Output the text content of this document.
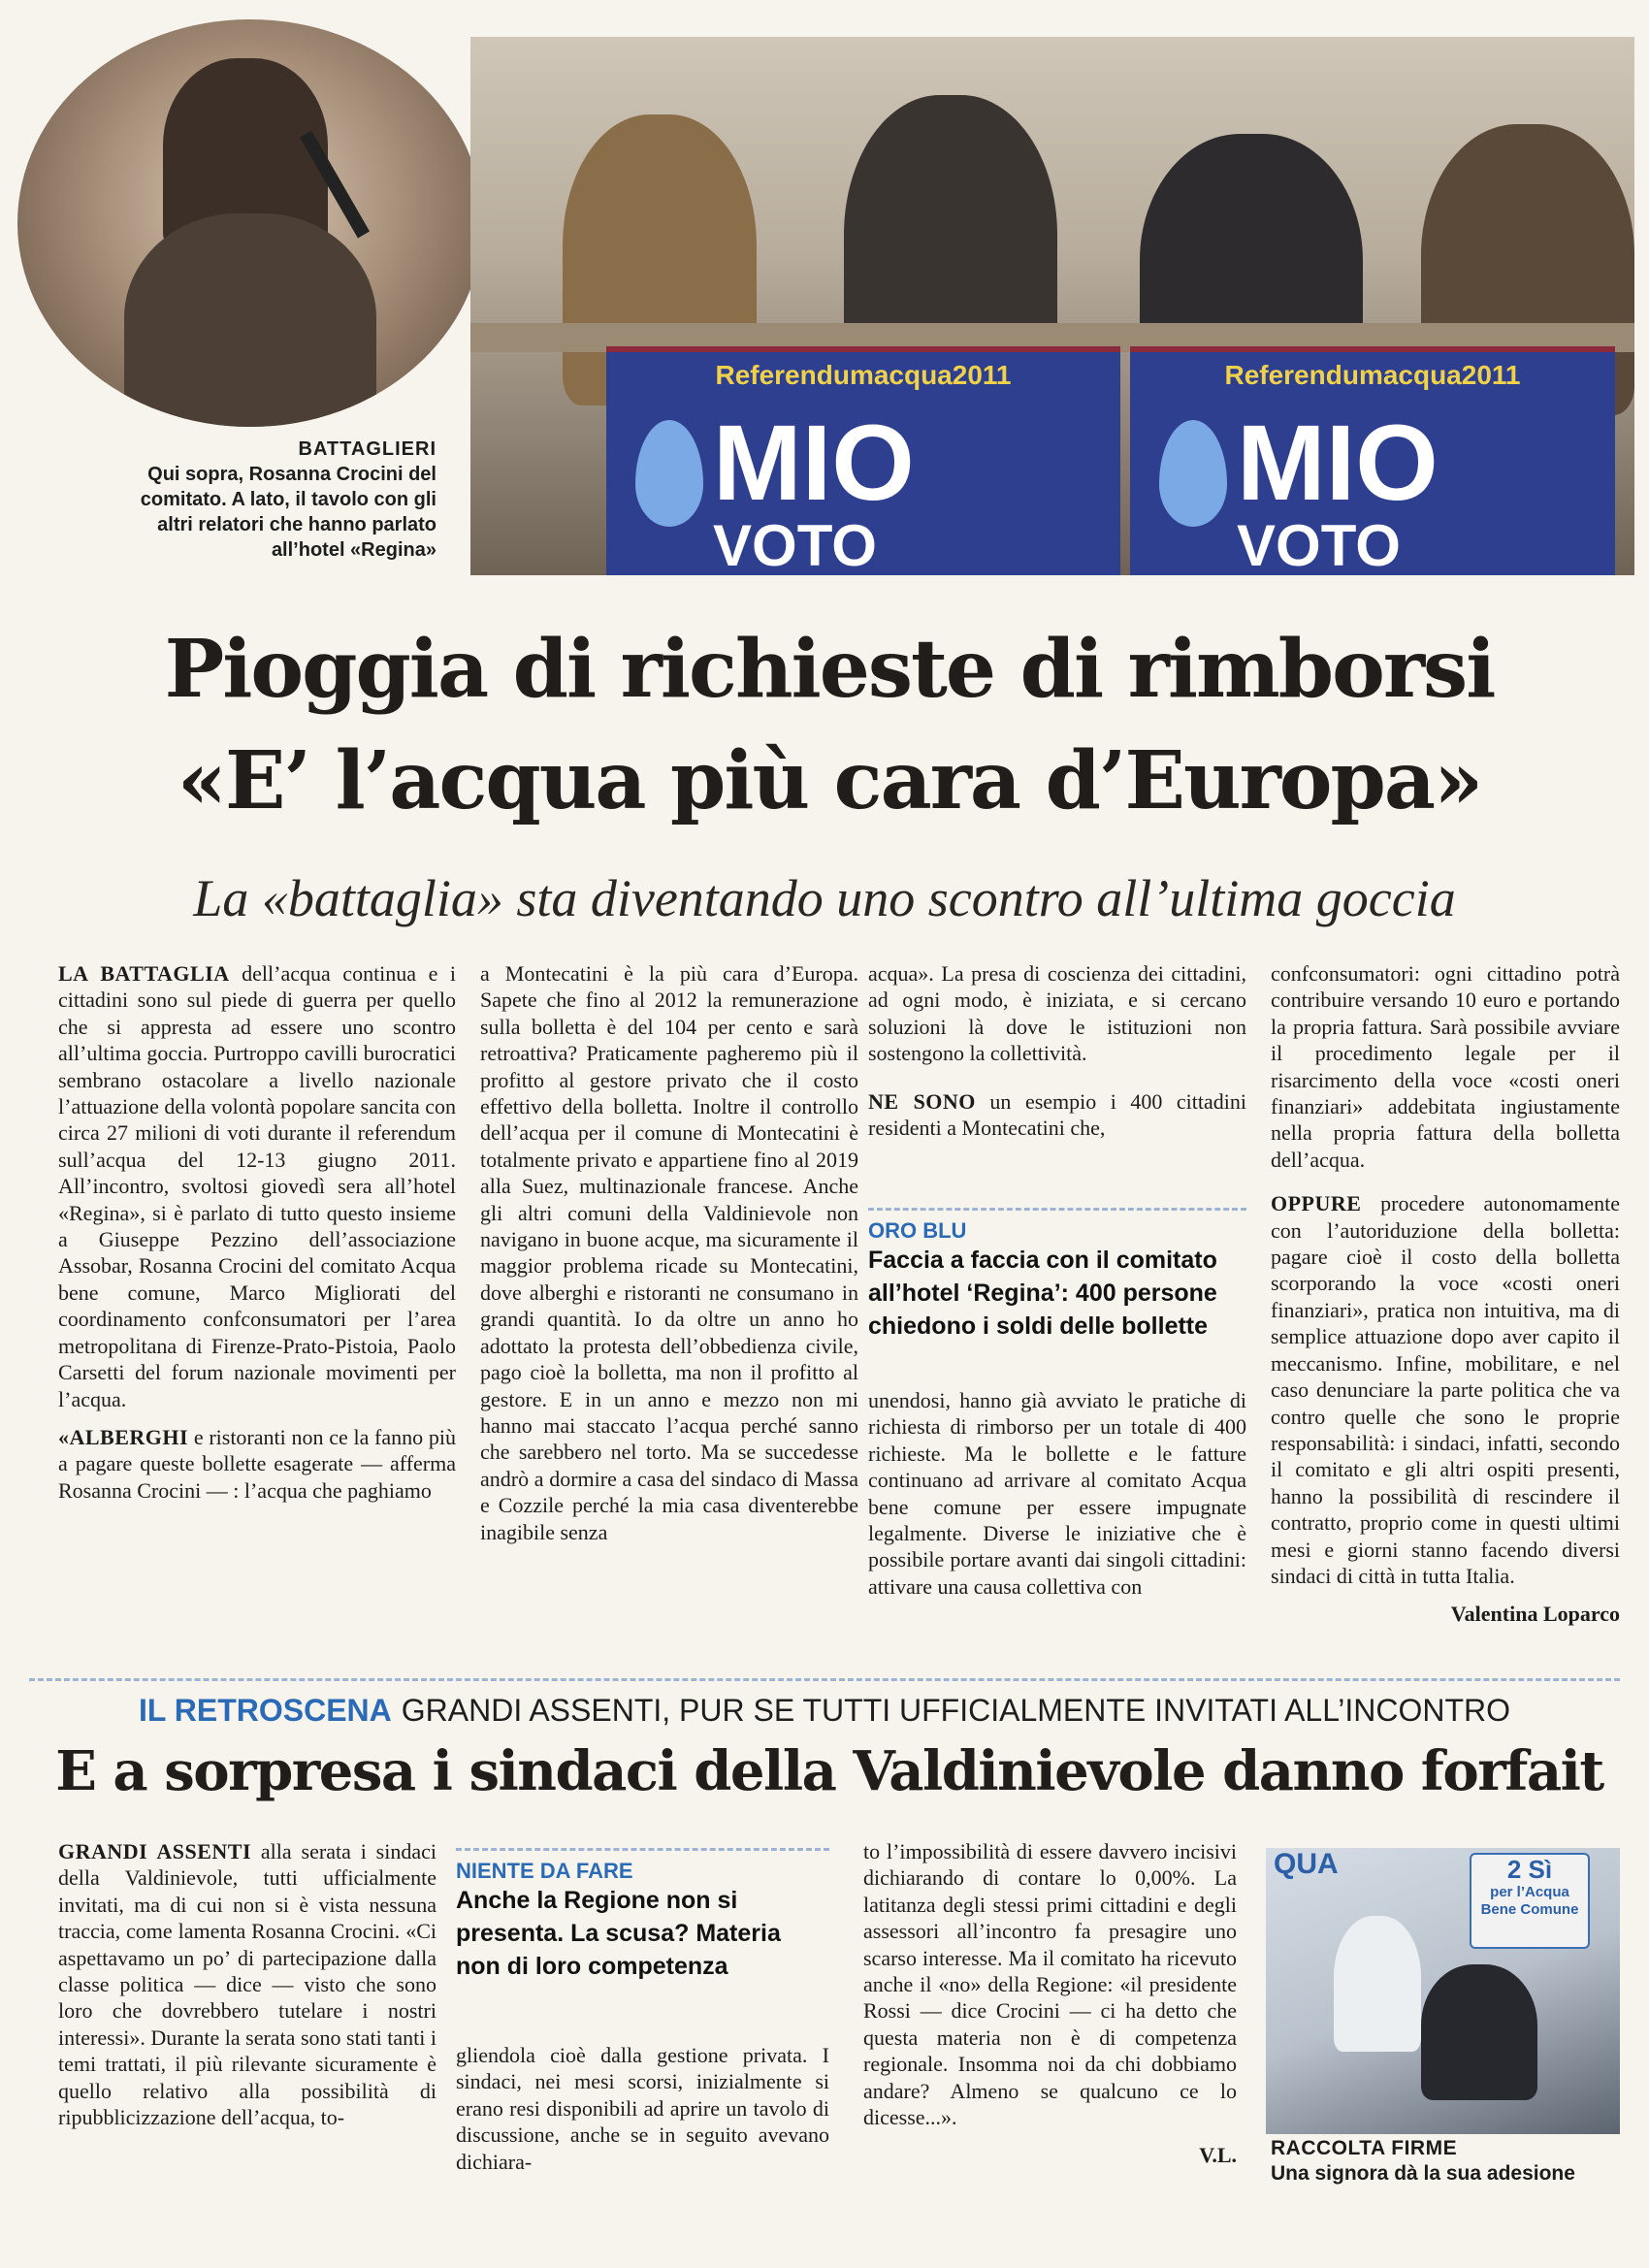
Referendumacqua2011
MIO
VOTO
Referendumacqua2011
MIO
VOTO
BATTAGLIERI
Qui sopra, Rosanna Crocini del
comitato. A lato, il tavolo con gli
altri relatori che hanno parlato
all’hotel «Regina»
Pioggia di richieste di rimborsi
«E’ l’acqua più cara d’Europa»
La «battaglia» sta diventando uno scontro all’ultima goccia

LA BATTAGLIA dell’acqua continua e i cittadini sono sul piede di guerra per quello che si appresta ad essere uno scontro all’ultima goccia. Purtroppo cavilli burocratici sembrano ostacolare a livello nazionale l’attuazione della volontà popolare sancita con circa 27 milioni di voti durante il referendum sull’acqua del 12-13 giugno 2011. All’incontro, svoltosi giovedì sera all’hotel «Regina», si è parlato di tutto questo insieme a Giuseppe Pezzino dell’associazione Assobar, Rosanna Crocini del comitato Acqua bene comune, Marco Migliorati del coordinamento confconsumatori per l’area metropolitana di Firenze-Prato-Pistoia, Paolo Carsetti del forum nazionale movimenti per l’acqua.

«ALBERGHI e ristoranti non ce la fanno più a pagare queste bollette esagerate — afferma Rosanna Crocini — : l’acqua che paghiamo

a Montecatini è la più cara d’Europa. Sapete che fino al 2012 la remunerazione sulla bolletta è del 104 per cento e sarà retroattiva? Praticamente pagheremo più il profitto al gestore privato che il costo effettivo della bolletta. Inoltre il controllo dell’acqua per il comune di Montecatini è totalmente privato e appartiene fino al 2019 alla Suez, multinazionale francese. Anche gli altri comuni della Valdinievole non navigano in buone acque, ma sicuramente il maggior problema ricade su Montecatini, dove alberghi e ristoranti ne consumano in grandi quantità. Io da oltre un anno ho adottato la protesta dell’obbedienza civile, pago cioè la bolletta, ma non il profitto al gestore. E in un anno e mezzo non mi hanno mai staccato l’acqua perché sanno che sarebbero nel torto. Ma se succedesse andrò a dormire a casa del sindaco di Massa e Cozzile perché la mia casa diventerebbe inagibile senza

acqua». La presa di coscienza dei cittadini, ad ogni modo, è iniziata, e si cercano soluzioni là dove le istituzioni non sostengono la collettività.

NE SONO un esempio i 400 cittadini residenti a Montecatini che,

ORO BLU
Faccia a faccia con il comitato all’hotel ‘Regina’: 400 persone chiedono i soldi delle bollette

unendosi, hanno già avviato le pratiche di richiesta di rimborso per un totale di 400 richieste. Ma le bollette e le fatture continuano ad arrivare al comitato Acqua bene comune per essere impugnate legalmente. Diverse le iniziative che è possibile portare avanti dai singoli cittadini: attivare una causa collettiva con

confconsumatori: ogni cittadino potrà contribuire versando 10 euro e portando la propria fattura. Sarà possibile avviare il procedimento legale per il risarcimento della voce «costi oneri finanziari» addebitata ingiustamente nella propria fattura della bolletta dell’acqua.

OPPURE procedere autonomamente con l’autoriduzione della bolletta: pagare cioè il costo della bolletta scorporando la voce «costi oneri finanziari», pratica non intuitiva, ma di semplice attuazione dopo aver capito il meccanismo. Infine, mobilitare, e nel caso denunciare la parte politica che va contro quelle che sono le proprie responsabilità: i sindaci, infatti, secondo il comitato e gli altri ospiti presenti, hanno la possibilità di rescindere il contratto, proprio come in questi ultimi mesi e giorni stanno facendo diversi sindaci di città in tutta Italia.

Valentina Loparco
IL RETROSCENA GRANDI ASSENTI, PUR SE TUTTI UFFICIALMENTE INVITATI ALL’INCONTRO
E a sorpresa i sindaci della Valdinievole danno forfait

GRANDI ASSENTI alla serata i sindaci della Valdinievole, tutti ufficialmente invitati, ma di cui non si è vista nessuna traccia, come lamenta Rosanna Crocini. «Ci aspettavamo un po’ di partecipazione dalla classe politica — dice — visto che sono loro che dovrebbero tutelare i nostri interessi». Durante la serata sono stati tanti i temi trattati, il più rilevante sicuramente è quello relativo alla possibilità di ripubblicizzazione dell’acqua, to-

NIENTE DA FARE
Anche la Regione non si presenta. La scusa? Materia non di loro competenza

gliendola cioè dalla gestione privata. I sindaci, nei mesi scorsi, inizialmente si erano resi disponibili ad aprire un tavolo di discussione, anche se in seguito avevano dichiara-

to l’impossibilità di essere davvero incisivi dichiarando di contare lo 0,00%. La latitanza degli stessi primi cittadini e degli assessori all’incontro fa presagire uno scarso interesse. Ma il comitato ha ricevuto anche il «no» della Regione: «il presidente Rossi — dice Crocini — ci ha detto che questa materia non è di competenza regionale. Insomma noi da chi dobbiamo andare? Almeno se qualcuno ce lo dicesse...».

V.L.
QUA	2 Sì
per l’Acqua Bene Comune
RACCOLTA FIRME
Una signora dà la sua adesione
